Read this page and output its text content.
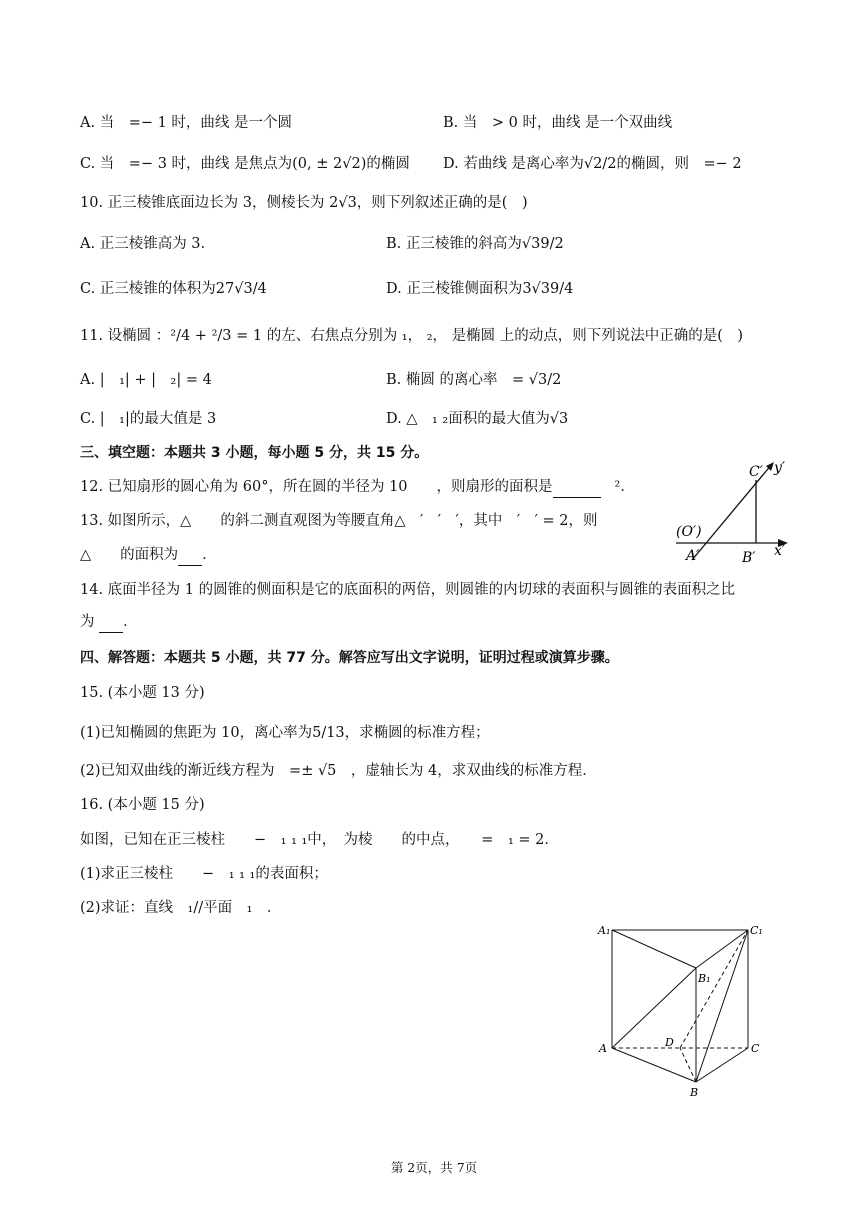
A. 当　=− 1 时，曲线 是一个圆	B. 当　> 0 时，曲线 是一个双曲线
C. 当　=− 3 时，曲线 是焦点为(0, ± 2√2)的椭圆 D. 若曲线 是离心率为√2/2的椭圆，则　=− 2
10. 正三棱锥底面边长为 3，侧棱长为 2√3，则下列叙述正确的是(　)
A. 正三棱锥高为 3.	B. 正三棱锥的斜高为√39/2
C. 正三棱锥的体积为27√3/4	D. 正三棱锥侧面积为3√39/4
11. 设椭圆 ：²/4 + ²/3 = 1 的左、右焦点分别为 ₁， ₂， 是椭圆 上的动点，则下列说法中正确的是(　)
A. |　₁| + |　₂| = 4	B. 椭圆 的离心率　= √3/2
C. |　₁|的最大值是 3	D. △　₁ ₂面积的最大值为√3
三、填空题：本题共 3 小题，每小题 5 分，共 15 分。
12. 已知扇形的圆心角为 60°，所在圆的半径为 10　　，则扇形的面积是	²．
13. 如图所示，△　　的斜二测直观图为等腰直角△　′　′　′，其中　′　′ = 2，则
△　　的面积为 ．
14. 底面半径为 1 的圆锥的侧面积是它的底面积的两倍，则圆锥的内切球的表面积与圆锥的表面积之比
为 ．
四、解答题：本题共 5 小题，共 77 分。解答应写出文字说明，证明过程或演算步骤。
15. (本小题 13 分)
(1)已知椭圆的焦距为 10，离心率为5/13，求椭圆的标准方程；
(2)已知双曲线的渐近线方程为　=± √5　，虚轴长为 4，求双曲线的标准方程．
16. (本小题 15 分)
如图，已知在正三棱柱　　−　₁ ₁ ₁中，　为棱　　的中点，　　=　₁ = 2．
(1)求正三棱柱　　−　₁ ₁ ₁的表面积；
(2)求证：直线　₁//平面　₁　．
C′ y′
(O′)
A′	B′ x′
A₁	C₁
B₁
A	D	C
B
第 2页，共 7页
